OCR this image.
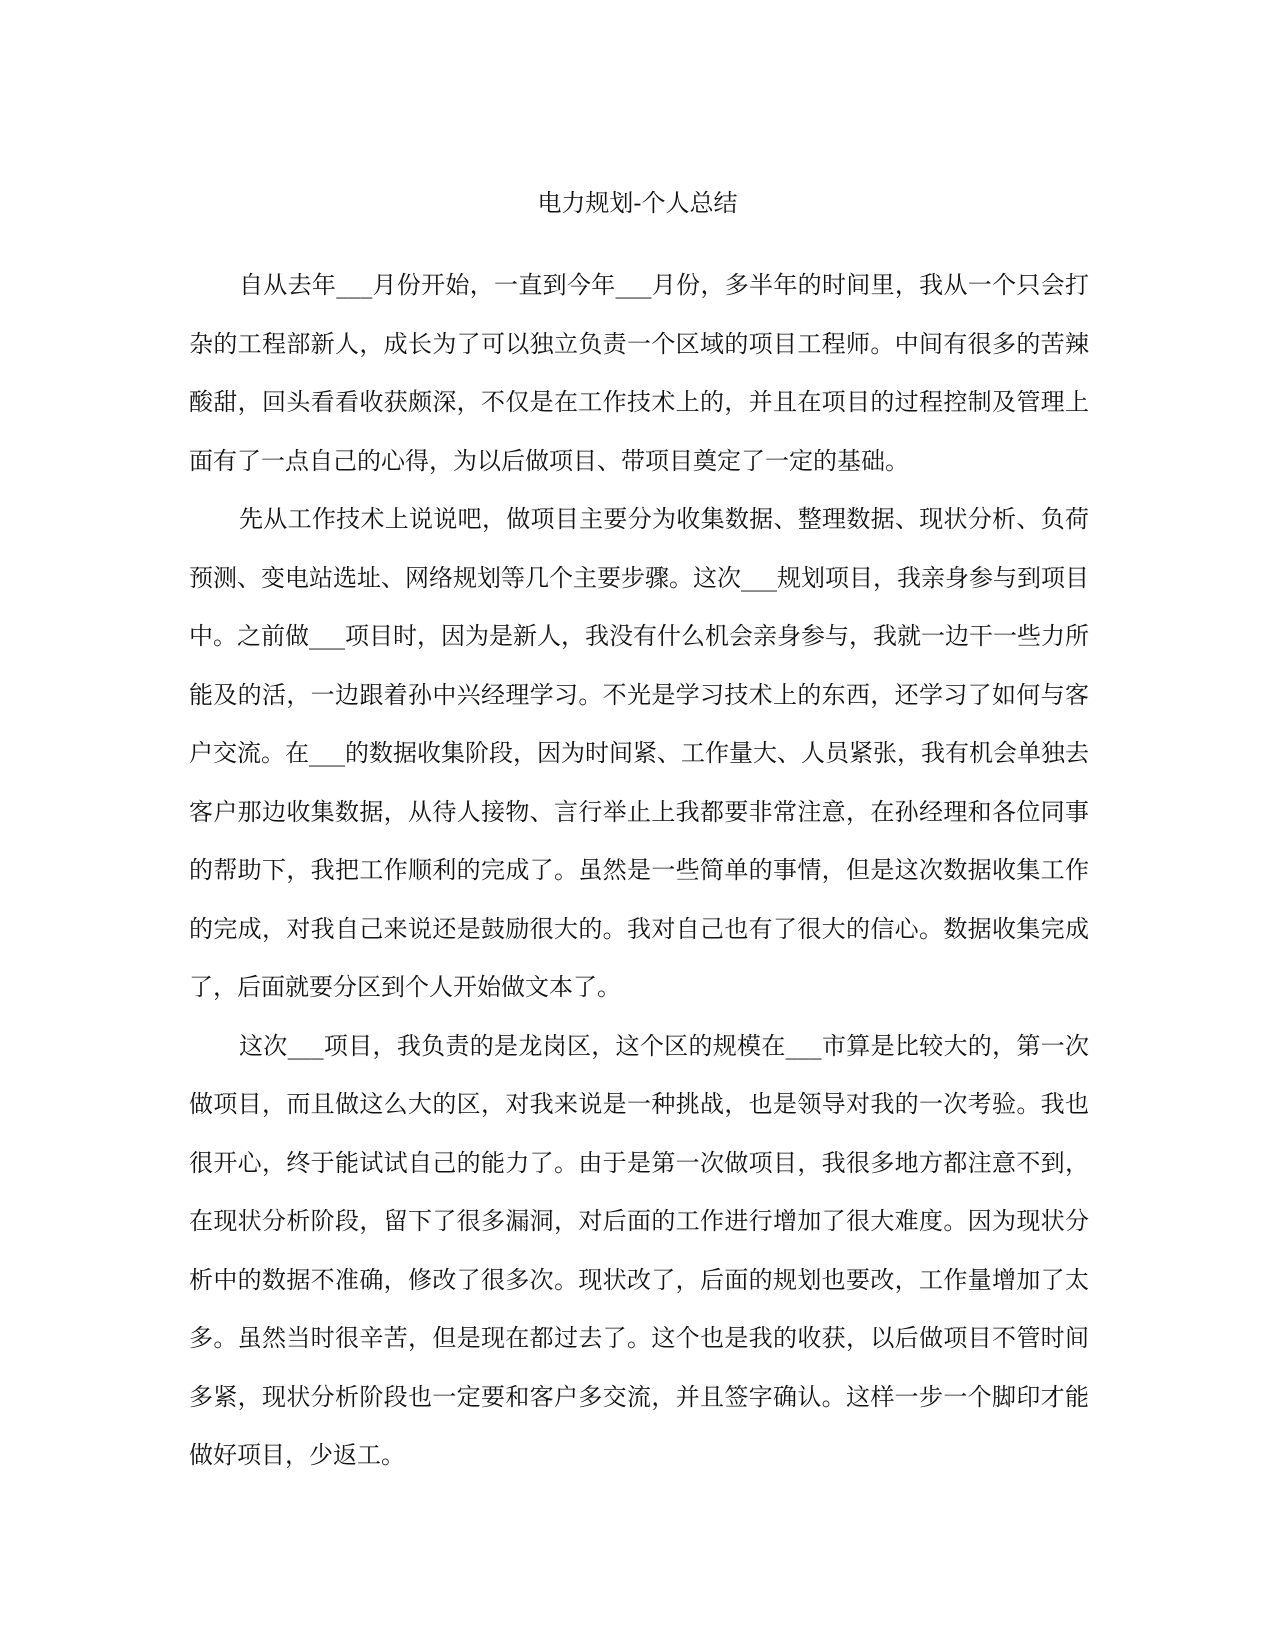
电力规划-个人总结

自从去年___月份开始，一直到今年___月份，多半年的时间里，我从一个只会打杂的工程部新人，成长为了可以独立负责一个区域的项目工程师。中间有很多的苦辣酸甜，回头看看收获颇深，不仅是在工作技术上的，并且在项目的过程控制及管理上面有了一点自己的心得，为以后做项目、带项目奠定了一定的基础。

先从工作技术上说说吧，做项目主要分为收集数据、整理数据、现状分析、负荷预测、变电站选址、网络规划等几个主要步骤。这次___规划项目，我亲身参与到项目中。之前做___项目时，因为是新人，我没有什么机会亲身参与，我就一边干一些力所能及的活，一边跟着孙中兴经理学习。不光是学习技术上的东西，还学习了如何与客户交流。在___的数据收集阶段，因为时间紧、工作量大、人员紧张，我有机会单独去客户那边收集数据，从待人接物、言行举止上我都要非常注意，在孙经理和各位同事的帮助下，我把工作顺利的完成了。虽然是一些简单的事情，但是这次数据收集工作的完成，对我自己来说还是鼓励很大的。我对自己也有了很大的信心。数据收集完成了，后面就要分区到个人开始做文本了。

这次___项目，我负责的是龙岗区，这个区的规模在___市算是比较大的，第一次做项目，而且做这么大的区，对我来说是一种挑战，也是领导对我的一次考验。我也很开心，终于能试试自己的能力了。由于是第一次做项目，我很多地方都注意不到，在现状分析阶段，留下了很多漏洞，对后面的工作进行增加了很大难度。因为现状分析中的数据不准确，修改了很多次。现状改了，后面的规划也要改，工作量增加了太多。虽然当时很辛苦，但是现在都过去了。这个也是我的收获，以后做项目不管时间多紧，现状分析阶段也一定要和客户多交流，并且签字确认。这样一步一个脚印才能做好项目，少返工。
